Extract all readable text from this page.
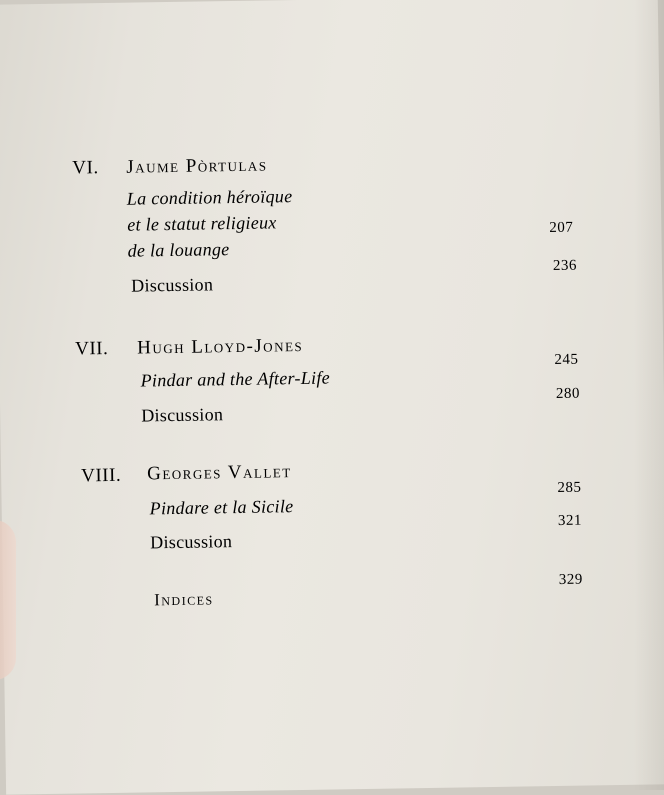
VI. Jaume Pòrtulas
La condition héroïque
et le statut religieux
de la louange
207
Discussion
236
VII. Hugh Lloyd-Jones
Pindar and the After-Life
245
Discussion
280
VIII. Georges Vallet
Pindare et la Sicile
285
Discussion
321
Indices
329
